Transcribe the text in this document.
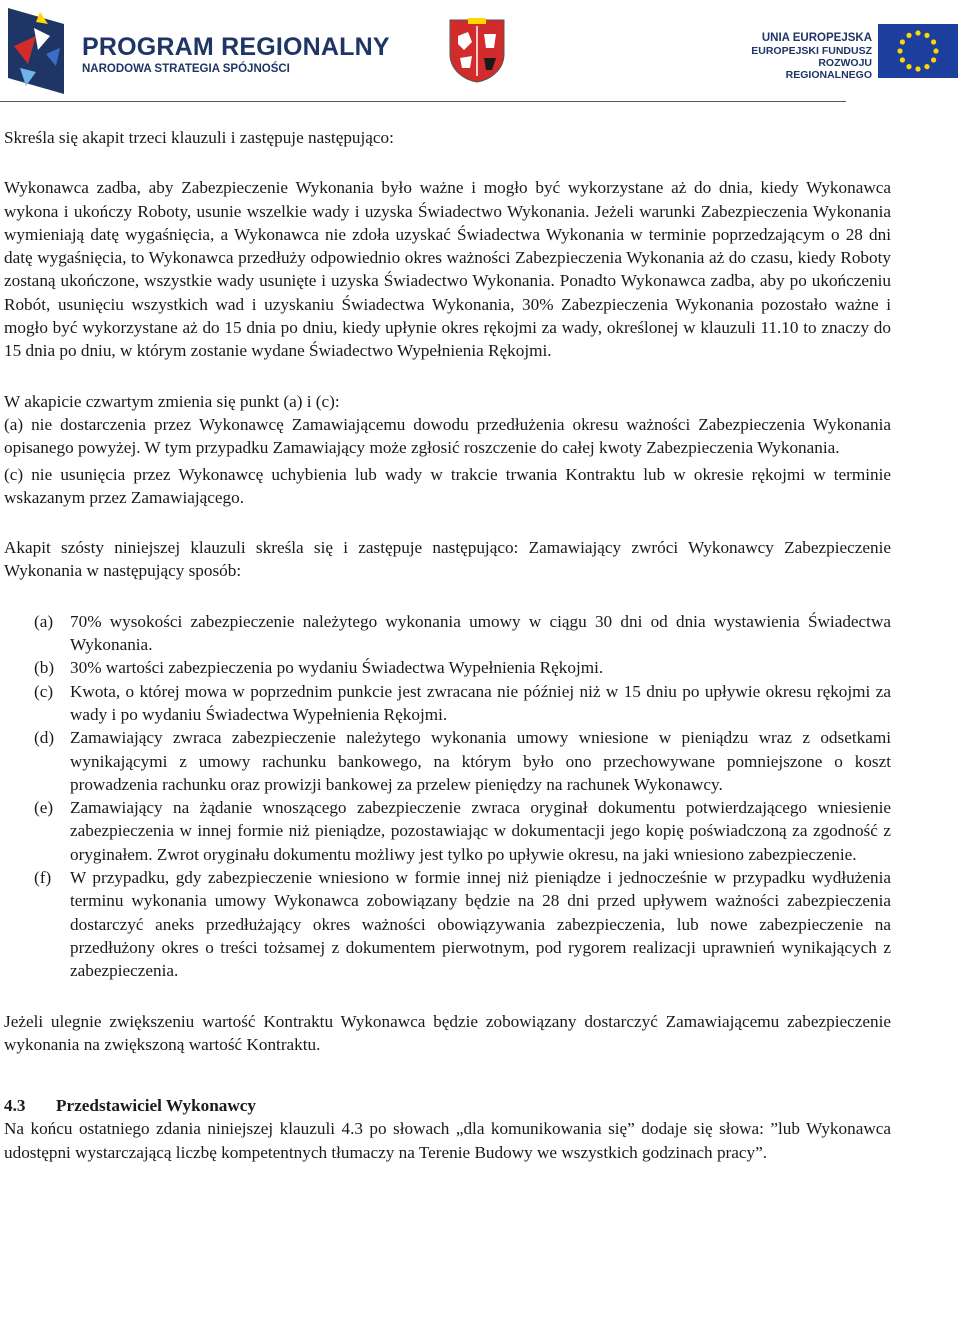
PROGRAM REGIONALNY
NARODOWA STRATEGIA SPÓJNOŚCI
UNIA EUROPEJSKA
EUROPEJSKI FUNDUSZ
ROZWOJU REGIONALNEGO

Skreśla się akapit trzeci klauzuli i zastępuje następująco:

Wykonawca zadba, aby Zabezpieczenie Wykonania było ważne i mogło być wykorzystane aż do dnia, kiedy Wykonawca wykona i ukończy Roboty, usunie wszelkie wady i uzyska Świadectwo Wykonania. Jeżeli warunki Zabezpieczenia Wykonania wymieniają datę wygaśnięcia, a Wykonawca nie zdoła uzyskać Świadectwa Wykonania w terminie poprzedzającym o 28 dni datę wygaśnięcia, to Wykonawca przedłuży odpowiednio okres ważności Zabezpieczenia Wykonania aż do czasu, kiedy Roboty zostaną ukończone, wszystkie wady usunięte i uzyska Świadectwo Wykonania. Ponadto Wykonawca zadba, aby po ukończeniu Robót, usunięciu wszystkich wad i uzyskaniu Świadectwa Wykonania, 30% Zabezpieczenia Wykonania pozostało ważne i mogło być wykorzystane aż do 15 dnia po dniu, kiedy upłynie okres rękojmi za wady, określonej w klauzuli 11.10 to znaczy do 15 dnia po dniu, w którym zostanie wydane Świadectwo Wypełnienia Rękojmi.

W akapicie czwartym zmienia się punkt (a) i (c):

(a) nie dostarczenia przez Wykonawcę Zamawiającemu dowodu przedłużenia okresu ważności Zabezpieczenia Wykonania opisanego powyżej. W tym przypadku Zamawiający może zgłosić roszczenie do całej kwoty Zabezpieczenia Wykonania.

(c) nie usunięcia przez Wykonawcę uchybienia lub wady w trakcie trwania Kontraktu lub w okresie rękojmi w terminie wskazanym przez Zamawiającego.

Akapit szósty niniejszej klauzuli skreśla się i zastępuje następująco: Zamawiający zwróci Wykonawcy Zabezpieczenie Wykonania w następujący sposób:

(a) 70% wysokości zabezpieczenie należytego wykonania umowy w ciągu 30 dni od dnia wystawienia Świadectwa Wykonania.
(b) 30% wartości zabezpieczenia po wydaniu Świadectwa Wypełnienia Rękojmi.
(c) Kwota, o której mowa w poprzednim punkcie jest zwracana nie później niż w 15 dniu po upływie okresu rękojmi za wady i po wydaniu Świadectwa Wypełnienia Rękojmi.
(d) Zamawiający zwraca zabezpieczenie należytego wykonania umowy wniesione w pieniądzu wraz z odsetkami wynikającymi z umowy rachunku bankowego, na którym było ono przechowywane pomniejszone o koszt prowadzenia rachunku oraz prowizji bankowej za przelew pieniędzy na rachunek Wykonawcy.
(e) Zamawiający na żądanie wnoszącego zabezpieczenie zwraca oryginał dokumentu potwierdzającego wniesienie zabezpieczenia w innej formie niż pieniądze, pozostawiając w dokumentacji jego kopię poświadczoną za zgodność z oryginałem. Zwrot oryginału dokumentu możliwy jest tylko po upływie okresu, na jaki wniesiono zabezpieczenie.
(f)	W przypadku, gdy zabezpieczenie wniesiono w formie innej niż pieniądze i jednocześnie w przypadku wydłużenia terminu wykonania umowy Wykonawca zobowiązany będzie na 28 dni przed upływem ważności zabezpieczenia dostarczyć aneks przedłużający okres ważności obowiązywania zabezpieczenia, lub nowe zabezpieczenie na przedłużony okres o treści tożsamej z dokumentem pierwotnym, pod rygorem realizacji uprawnień wynikających z zabezpieczenia.

Jeżeli ulegnie zwiększeniu wartość Kontraktu Wykonawca będzie zobowiązany dostarczyć Zamawiającemu zabezpieczenie wykonania na zwiększoną wartość Kontraktu.

4.3	Przedstawiciel Wykonawcy

Na końcu ostatniego zdania niniejszej klauzuli 4.3 po słowach „dla komunikowania się” dodaje się słowa: ”lub Wykonawca udostępni wystarczającą liczbę kompetentnych tłumaczy na Terenie Budowy we wszystkich godzinach pracy”.
